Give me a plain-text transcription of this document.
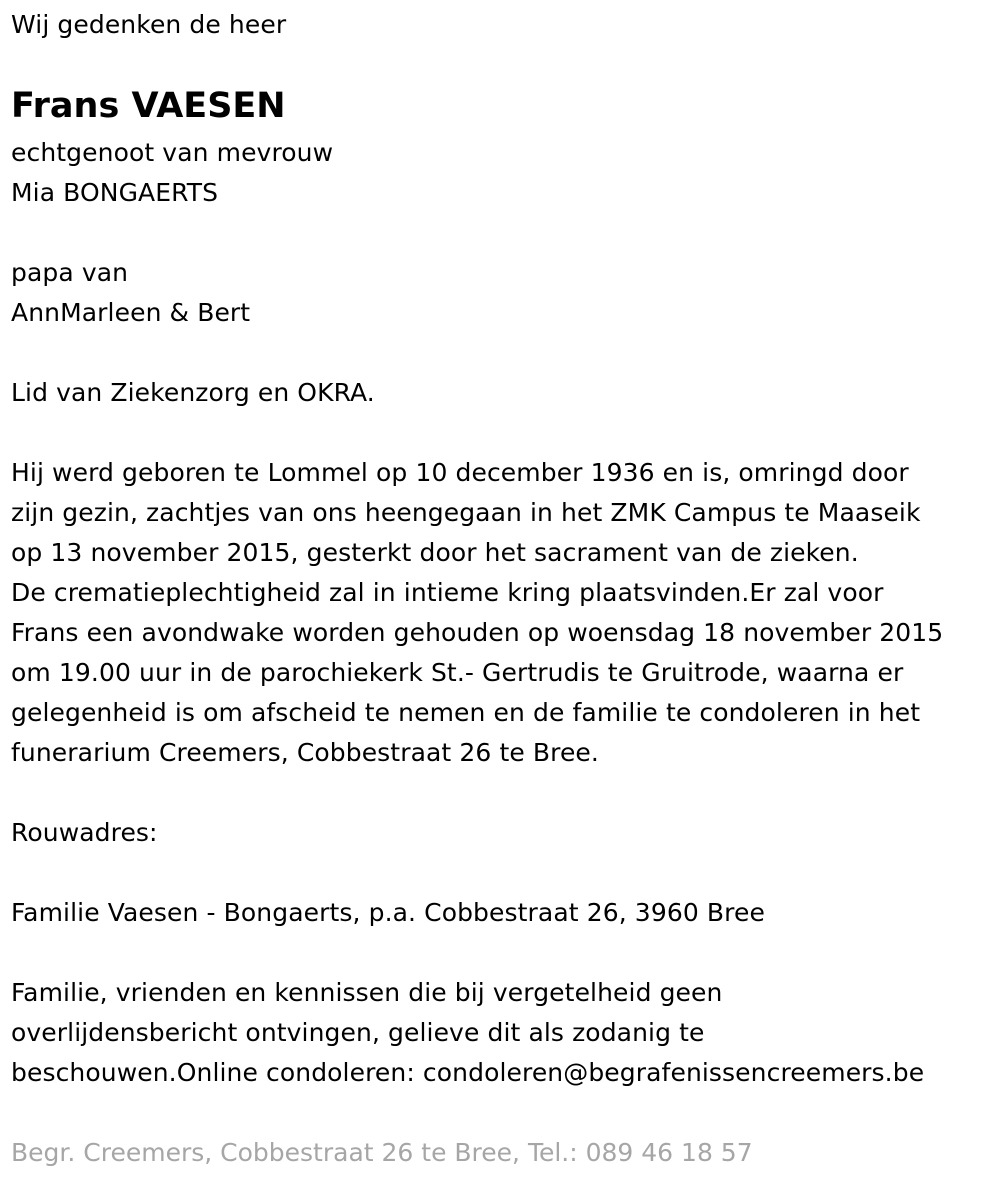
Wij gedenken de heer
Frans VAESEN
echtgenoot van mevrouw
Mia BONGAERTS
papa van
AnnMarleen & Bert
Lid van Ziekenzorg en OKRA.
Hij werd geboren te Lommel op 10 december 1936 en is, omringd door
zijn gezin, zachtjes van ons heengegaan in het ZMK Campus te Maaseik
op 13 november 2015, gesterkt door het sacrament van de zieken.
De crematieplechtigheid zal in intieme kring plaatsvinden.Er zal voor
Frans een avondwake worden gehouden op woensdag 18 november 2015
om 19.00 uur in de parochiekerk St.- Gertrudis te Gruitrode, waarna er
gelegenheid is om afscheid te nemen en de familie te condoleren in het
funerarium Creemers, Cobbestraat 26 te Bree.
Rouwadres:
Familie Vaesen - Bongaerts, p.a. Cobbestraat 26, 3960 Bree
Familie, vrienden en kennissen die bij vergetelheid geen
overlijdensbericht ontvingen, gelieve dit als zodanig te
beschouwen.Online condoleren: condoleren@begrafenissencreemers.be
Begr. Creemers, Cobbestraat 26 te Bree, Tel.: 089 46 18 57
